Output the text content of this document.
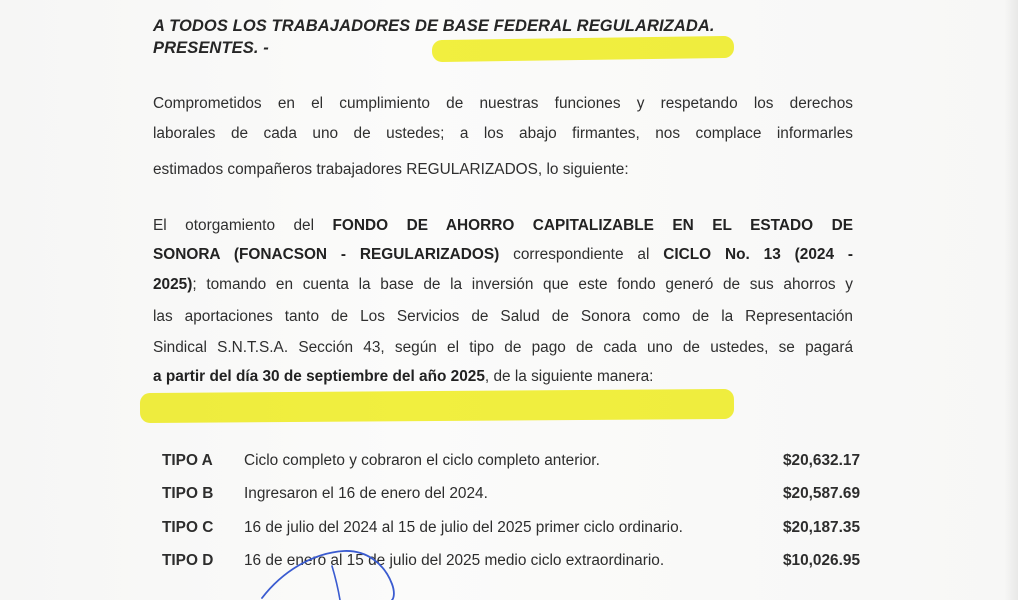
A TODOS LOS TRABAJADORES DE BASE FEDERAL REGULARIZADA.
PRESENTES. -
Comprometidos en el cumplimiento de nuestras funciones y respetando los derechos
laborales de cada uno de ustedes; a los abajo firmantes, nos complace informarles
estimados compañeros trabajadores REGULARIZADOS, lo siguiente:
El otorgamiento del FONDO DE AHORRO CAPITALIZABLE EN EL ESTADO DE
SONORA (FONACSON - REGULARIZADOS) correspondiente al CICLO No. 13 (2024 -
2025); tomando en cuenta la base de la inversión que este fondo generó de sus ahorros y
las aportaciones tanto de Los Servicios de Salud de Sonora como de la Representación
Sindical S.N.T.S.A. Sección 43, según el tipo de pago de cada uno de ustedes, se pagará
a partir del día 30 de septiembre del año 2025, de la siguiente manera:
TIPO A Ciclo completo y cobraron el ciclo completo anterior.	$20,632.17
TIPO B Ingresaron el 16 de enero del 2024.	$20,587.69
TIPO C 16 de julio del 2024 al 15 de julio del 2025 primer ciclo ordinario.	$20,187.35
TIPO D 16 de enero al 15 de julio del 2025 medio ciclo extraordinario.	$10,026.95
